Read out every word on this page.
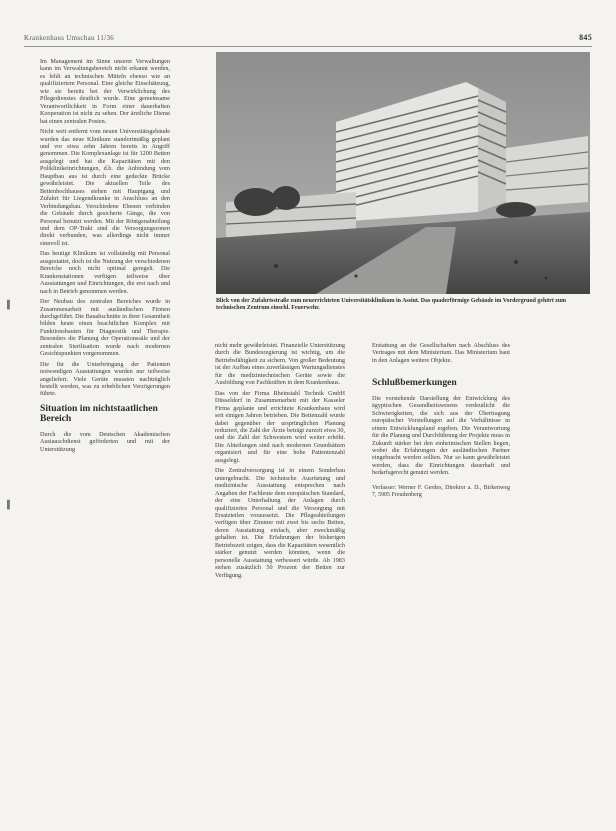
Krankenhaus Umschau 11/36	845
Blick von der Zufahrtsstraße zum neuerrichteten Universitätsklinikum in Assiut. Das quaderförmige Gebäude im Vordergrund gehört zum technischen Zentrum einschl. Feuerwehr.

Im Management im Sinne unserer Verwaltungen kann im Verwaltungsbereich nicht erkannt werden, es fehlt an technischen Mitteln ebenso wie an qualifiziertem Personal. Eine gleiche Einschätzung, wie sie bereits bei der Verwirklichung des Pflegedienstes deutlich wurde. Eine gemeinsame Verantwortlichkeit in Form einer dauerhaften Kooperation ist nicht zu sehen. Der ärztliche Dienst hat einen zentralen Posten.

Nicht weit entfernt vom neuen Universitätsgebäude wurden das neue Klinikum standortmäßig geplant und vor etwa zehn Jahren bereits in Angriff genommen. Die Komplexanlage ist für 1200 Betten ausgelegt und hat die Kapazitäten mit den Poliklinikeinrichtungen, d.h. die Anbindung vom Hauptbau aus ist durch eine gedeckte Brücke gewährleistet. Die aktuellen Teile des Bettenhochhauses stehen mit Hauptgang und Zufahrt für Liegendkranke in Anschluss an den Verbindungsbau. Verschiedene Ebenen verbinden die Gebäude durch gesicherte Gänge, die von Personal benutzt werden. Mit der Röntgenabteilung und dem OP-Trakt sind die Versorgungszonen direkt verbunden, was allerdings nicht immer sinnvoll ist.

Das heutige Klinikum ist vollständig mit Personal ausgestattet, doch ist die Nutzung der verschiedenen Bereiche noch nicht optimal geregelt. Die Krankenstationen verfügen teilweise über Ausstattungen und Einrichtungen, die erst nach und nach in Betrieb genommen werden.

Der Neubau des zentralen Bereiches wurde in Zusammenarbeit mit ausländischen Firmen durchgeführt. Die Bauabschnitte in ihrer Gesamtheit bilden heute einen beachtlichen Komplex mit Funktionsbauten für Diagnostik und Therapie. Besonders die Planung der Operationssäle und der zentralen Sterilisation wurde nach modernen Gesichtspunkten vorgenommen.

Die für die Unterbringung der Patienten notwendigen Ausstattungen wurden nur teilweise angeliefert. Viele Geräte mussten nachträglich bestellt werden, was zu erheblichen Verzögerungen führte.

Situation im nichtstaatlichen Bereich

Durch die vom Deutschen Akademischen Austauschdienst geförderten und mit der Unterstützung

nicht mehr gewährleistet. Finanzielle Unterstützung durch die Bundesregierung ist wichtig, um die Betriebsfähigkeit zu sichern. Von großer Bedeutung ist der Aufbau eines zuverlässigen Wartungsdienstes für die medizintechnischen Geräte sowie die Ausbildung von Fachkräften in dem Krankenhaus.

Das von der Firma Rheinstahl Technik GmbH Düsseldorf in Zusammenarbeit mit der Kasseler Firma geplante und errichtete Krankenhaus wird seit einigen Jahren betrieben. Die Bettenzahl wurde dabei gegenüber der ursprünglichen Planung reduziert, die Zahl der Ärzte beträgt zurzeit etwa 30, und die Zahl der Schwestern wird weiter erhöht. Die Abteilungen sind nach modernen Grundsätzen organisiert und für eine hohe Patientenzahl ausgelegt.

Die Zentralversorgung ist in einem Sonderbau untergebracht. Die technische Ausrüstung und medizinische Ausstattung entsprechen nach Angaben der Fachleute dem europäischen Standard, der eine Unterhaltung der Anlagen durch qualifiziertes Personal und die Versorgung mit Ersatzteilen voraussetzt. Die Pflegeabteilungen verfügen über Zimmer mit zwei bis sechs Betten, deren Ausstattung einfach, aber zweckmäßig gehalten ist. Die Erfahrungen der bisherigen Betriebszeit zeigen, dass die Kapazitäten wesentlich stärker genutzt werden könnten, wenn die personelle Ausstattung verbessert würde. Ab 1983 stehen zusätzlich 50 Prozent der Betten zur Verfügung.

Erstattung an die Gesellschaften nach Abschluss des Vertrages mit dem Ministerium. Das Ministerium baut in den Anlagen weitere Objekte.

Schlußbemerkungen

Die vorstehende Darstellung der Entwicklung des ägyptischen Gesundheitswesens verdeutlicht die Schwierigkeiten, die sich aus der Übertragung europäischer Vorstellungen auf die Verhältnisse in einem Entwicklungsland ergeben. Die Verantwortung für die Planung und Durchführung der Projekte muss in Zukunft stärker bei den einheimischen Stellen liegen, wobei die Erfahrungen der ausländischen Partner eingebracht werden sollten. Nur so kann gewährleistet werden, dass die Einrichtungen dauerhaft und bedarfsgerecht genutzt werden.

Verfasser: Werner F. Gerdes, Direktor a. D., Birkenweg 7, 5905 Freudenberg

▌
▌
